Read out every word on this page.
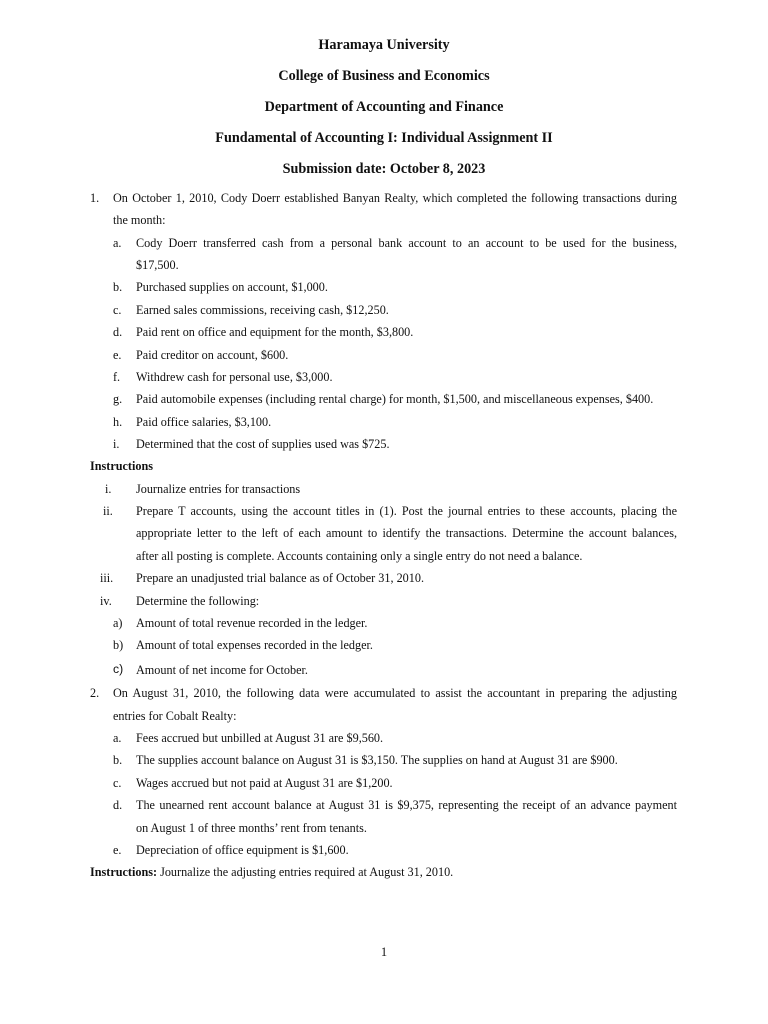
Haramaya University
College of Business and Economics
Department of Accounting and Finance
Fundamental of Accounting I: Individual Assignment II
Submission date: October 8, 2023
1. On October 1, 2010, Cody Doerr established Banyan Realty, which completed the following transactions during
the month:
a. Cody Doerr transferred cash from a personal bank account to an account to be used for the business,
$17,500.
b. Purchased supplies on account, $1,000.
c. Earned sales commissions, receiving cash, $12,250.
d. Paid rent on office and equipment for the month, $3,800.
e. Paid creditor on account, $600.
f. Withdrew cash for personal use, $3,000.
g. Paid automobile expenses (including rental charge) for month, $1,500, and miscellaneous expenses, $400.
h. Paid office salaries, $3,100.
i. Determined that the cost of supplies used was $725.
Instructions
i. Journalize entries for transactions
ii. Prepare T accounts, using the account titles in (1). Post the journal entries to these accounts, placing the
appropriate letter to the left of each amount to identify the transactions. Determine the account balances,
after all posting is complete. Accounts containing only a single entry do not need a balance.
iii. Prepare an unadjusted trial balance as of October 31, 2010.
iv. Determine the following:
a) Amount of total revenue recorded in the ledger.
b) Amount of total expenses recorded in the ledger.
c) Amount of net income for October.
2. On August 31, 2010, the following data were accumulated to assist the accountant in preparing the adjusting
entries for Cobalt Realty:
a. Fees accrued but unbilled at August 31 are $9,560.
b. The supplies account balance on August 31 is $3,150. The supplies on hand at August 31 are $900.
c. Wages accrued but not paid at August 31 are $1,200.
d. The unearned rent account balance at August 31 is $9,375, representing the receipt of an advance payment
on August 1 of three months’ rent from tenants.
e. Depreciation of office equipment is $1,600.
Instructions: Journalize the adjusting entries required at August 31, 2010.
1
